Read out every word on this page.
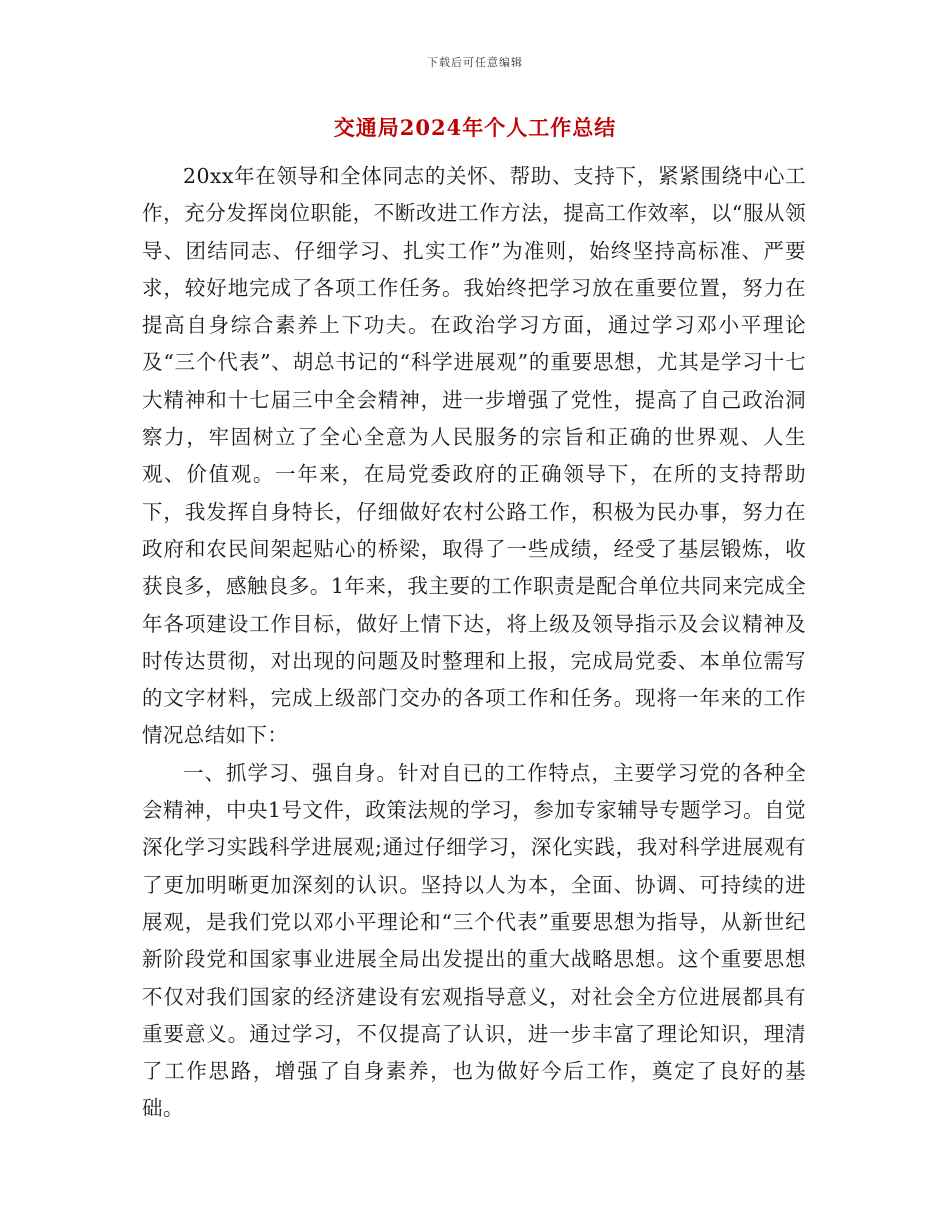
下载后可任意编辑
交通局2024年个人工作总结

20xx年在领导和全体同志的关怀、帮助、支持下，紧紧围绕中心工作，充分发挥岗位职能，不断改进工作方法，提高工作效率，以“服从领导、团结同志、仔细学习、扎实工作”为准则，始终坚持高标准、严要求，较好地完成了各项工作任务。我始终把学习放在重要位置，努力在提高自身综合素养上下功夫。在政治学习方面，通过学习邓小平理论及“三个代表”、胡总书记的“科学进展观”的重要思想，尤其是学习十七大精神和十七届三中全会精神，进一步增强了党性，提高了自己政治洞察力，牢固树立了全心全意为人民服务的宗旨和正确的世界观、人生观、价值观。一年来，在局党委政府的正确领导下，在所的支持帮助下，我发挥自身特长，仔细做好农村公路工作，积极为民办事，努力在政府和农民间架起贴心的桥梁，取得了一些成绩，经受了基层锻炼，收获良多，感触良多。1年来，我主要的工作职责是配合单位共同来完成全年各项建设工作目标，做好上情下达，将上级及领导指示及会议精神及时传达贯彻，对出现的问题及时整理和上报，完成局党委、本单位需写的文字材料，完成上级部门交办的各项工作和任务。现将一年来的工作情况总结如下：

一、抓学习、强自身。针对自已的工作特点，主要学习党的各种全会精神，中央1号文件，政策法规的学习，参加专家辅导专题学习。自觉深化学习实践科学进展观;通过仔细学习，深化实践，我对科学进展观有了更加明晰更加深刻的认识。坚持以人为本，全面、协调、可持续的进展观，是我们党以邓小平理论和“三个代表”重要思想为指导，从新世纪新阶段党和国家事业进展全局出发提出的重大战略思想。这个重要思想不仅对我们国家的经济建设有宏观指导意义，对社会全方位进展都具有重要意义。通过学习，不仅提高了认识，进一步丰富了理论知识，理清了工作思路，增强了自身素养，也为做好今后工作，奠定了良好的基础。
